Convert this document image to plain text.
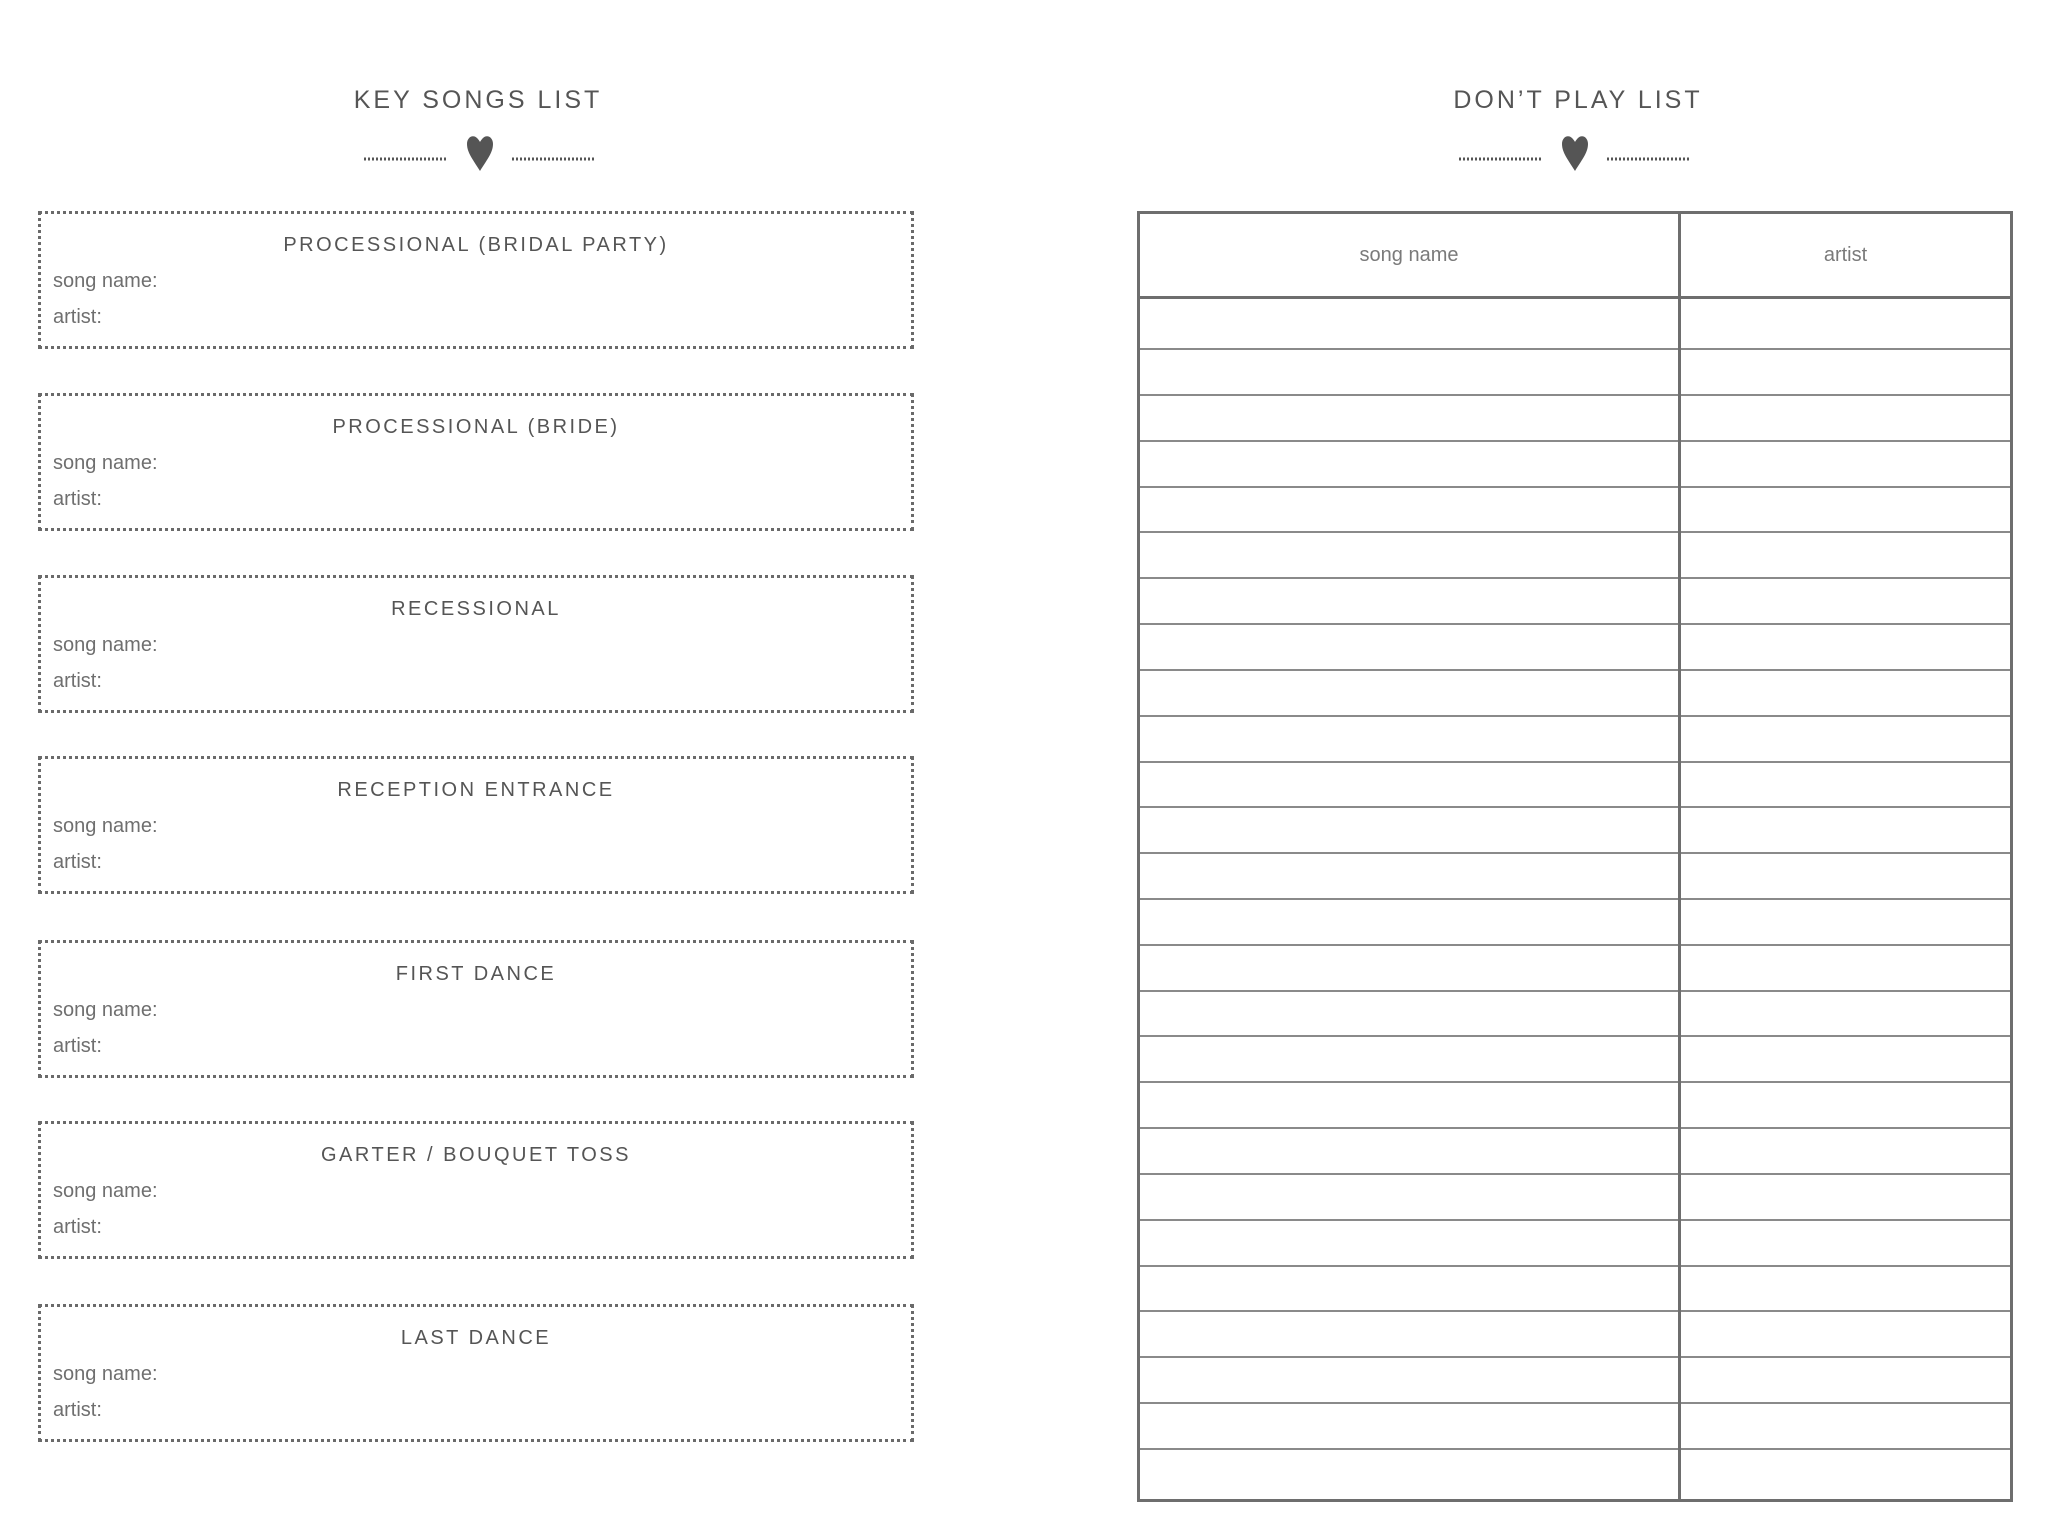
KEY SONGS LIST
PROCESSIONAL (BRIDAL PARTY)
song name:
artist:
PROCESSIONAL (BRIDE)
song name:
artist:
RECESSIONAL
song name:
artist:
RECEPTION ENTRANCE
song name:
artist:
FIRST DANCE
song name:
artist:
GARTER / BOUQUET TOSS
song name:
artist:
LAST DANCE
song name:
artist:
DON’T PLAY LIST
song name	artist
